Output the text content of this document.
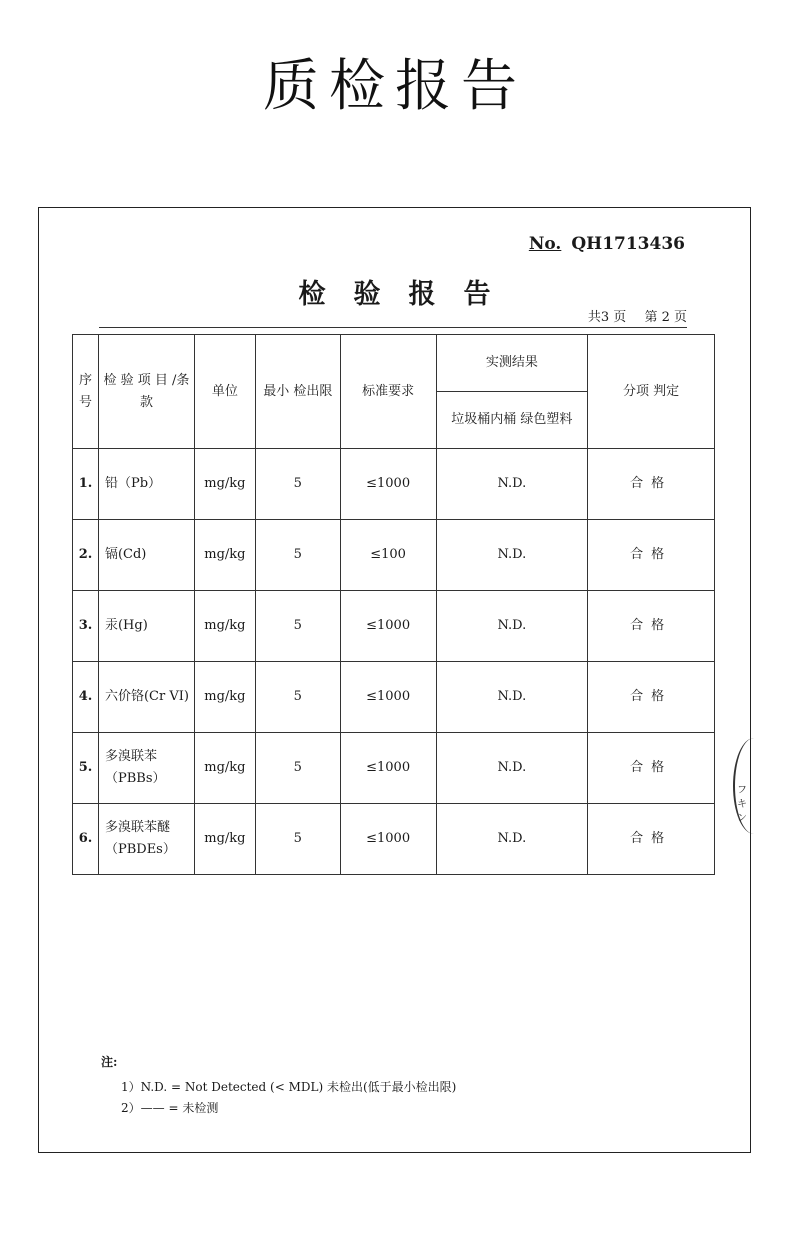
质检报告
No. QH1713436
检验报告
共3 页 第 2 页
序号	检 验 项 目 /条款	单位	最小 检出限	标准要求	实测结果	分项 判定
					垃圾桶内桶 绿色塑料	
1.	铅（Pb）	mg/kg	5	≤1000	N.D.	合格
2.	镉(Cd)	mg/kg	5	≤100	N.D.	合格
3.	汞(Hg)	mg/kg	5	≤1000	N.D.	合格
4.	六价铬(Cr VI)	mg/kg	5	≤1000	N.D.	合格
5.	多溴联苯（PBBs）	mg/kg	5	≤1000	N.D.	合格
6.	多溴联苯醚（PBDEs）	mg/kg	5	≤1000	N.D.	合格
注:
1）N.D. = Not Detected (< MDL) 未检出(低于最小检出限)
2）—— = 未检测
フキン
